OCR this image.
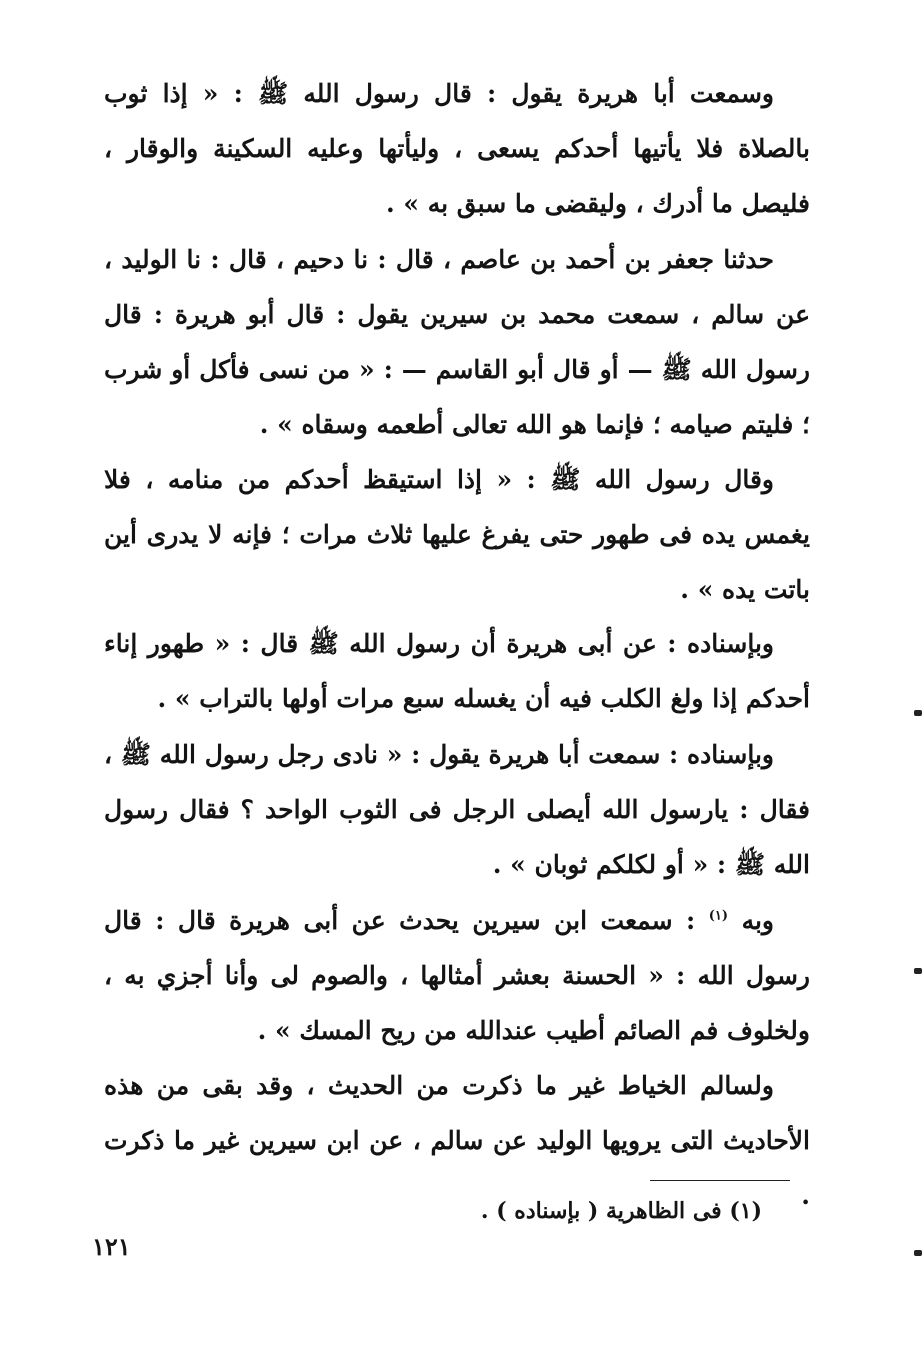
وسمعت أبا هريرة يقول : قال رسول الله ﷺ : « إذا ثوب بالصلاة فلا يأتيها أحدكم يسعى ، وليأتها وعليه السكينة والوقار ، فليصل ما أدرك ، وليقضى ما سبق به » .

حدثنا جعفر بن أحمد بن عاصم ، قال : نا دحيم ، قال : نا الوليد ، عن سالم ، سمعت محمد بن سيرين يقول : قال أبو هريرة : قال رسول الله ﷺ — أو قال أبو القاسم — : « من نسى فأكل أو شرب ؛ فليتم صيامه ؛ فإنما هو الله تعالى أطعمه وسقاه » .

وقال رسول الله ﷺ : « إذا استيقظ أحدكم من منامه ، فلا يغمس يده فى طهور حتى يفرغ عليها ثلاث مرات ؛ فإنه لا يدرى أين باتت يده » .

وبإسناده : عن أبى هريرة أن رسول الله ﷺ قال : « طهور إناء أحدكم إذا ولغ الكلب فيه أن يغسله سبع مرات أولها بالتراب » .

وبإسناده : سمعت أبا هريرة يقول : « نادى رجل رسول الله ﷺ ، فقال : يارسول الله أيصلى الرجل فى الثوب الواحد ؟ فقال رسول الله ﷺ : « أو لكلكم ثوبان » .

وبه $^{(١)}$ : سمعت ابن سيرين يحدث عن أبى هريرة قال : قال رسول الله : « الحسنة بعشر أمثالها ، والصوم لى وأنا أجزي به ، ولخلوف فم الصائم أطيب عندالله من ريح المسك » .

ولسالم الخياط غير ما ذكرت من الحديث ، وقد بقى من هذه الأحاديث التى يرويها الوليد عن سالم ، عن ابن سيرين غير ما ذكرت .

(١) فى الظاهرية ( بإسناده ) .
١٢١
